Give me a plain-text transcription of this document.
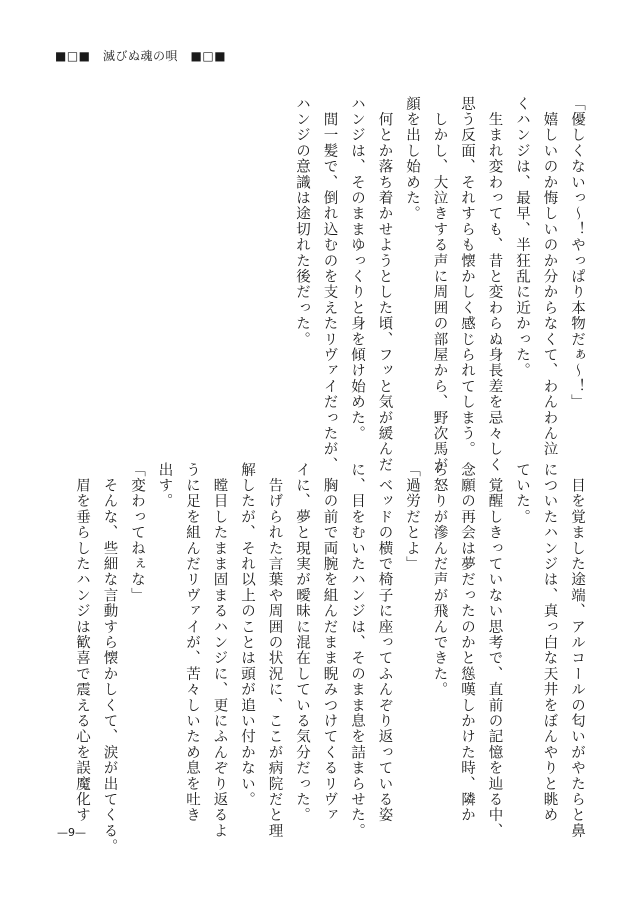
■□■　滅びぬ魂の唄　■□■

「優しくないっ～！やっぱり本物だぁ～！」

　嬉しいのか悔しいのか分からなくて、わんわん泣

くハンジは、最早、半狂乱に近かった。

　生まれ変わっても、昔と変わらぬ身長差を忌々しく

思う反面、それすらも懐かしく感じられてしまう。

　しかし、大泣きする声に周囲の部屋から、野次馬が

顔を出し始めた。

　何とか落ち着かせようとした頃、フッと気が緩んだ

ハンジは、そのままゆっくりと身を傾け始めた。

　間一髪で、倒れ込むのを支えたリヴァイだったが、

ハンジの意識は途切れた後だった。

　目を覚ました途端、アルコールの匂いがやたらと鼻

についたハンジは、真っ白な天井をぼんやりと眺め

ていた。

　覚醒しきっていない思考で、直前の記憶を辿る中、

念願の再会は夢だったのかと慫嘆しかけた時、隣か

ら怒りが滲んだ声が飛んできた。

「過労だとよ」

　ベッドの横で椅子に座ってふんぞり返っている姿

に、目をむいたハンジは、そのまま息を詰まらせた。

　胸の前で両腕を組んだまま睨みつけてくるリヴァ

イに、夢と現実が曖昧に混在している気分だった。

　告げられた言葉や周囲の状況に、ここが病院だと理

解したが、それ以上のことは頭が追い付かない。

　瞠目したまま固まるハンジに、更にふんぞり返るよ

うに足を組んだリヴァイが、苦々しいため息を吐き

出す。

「変わってねぇな」

　そんな、些細な言動すら懐かしくて、涙が出てくる。

　眉を垂らしたハンジは歓喜で震える心を誤魔化す

—9—
